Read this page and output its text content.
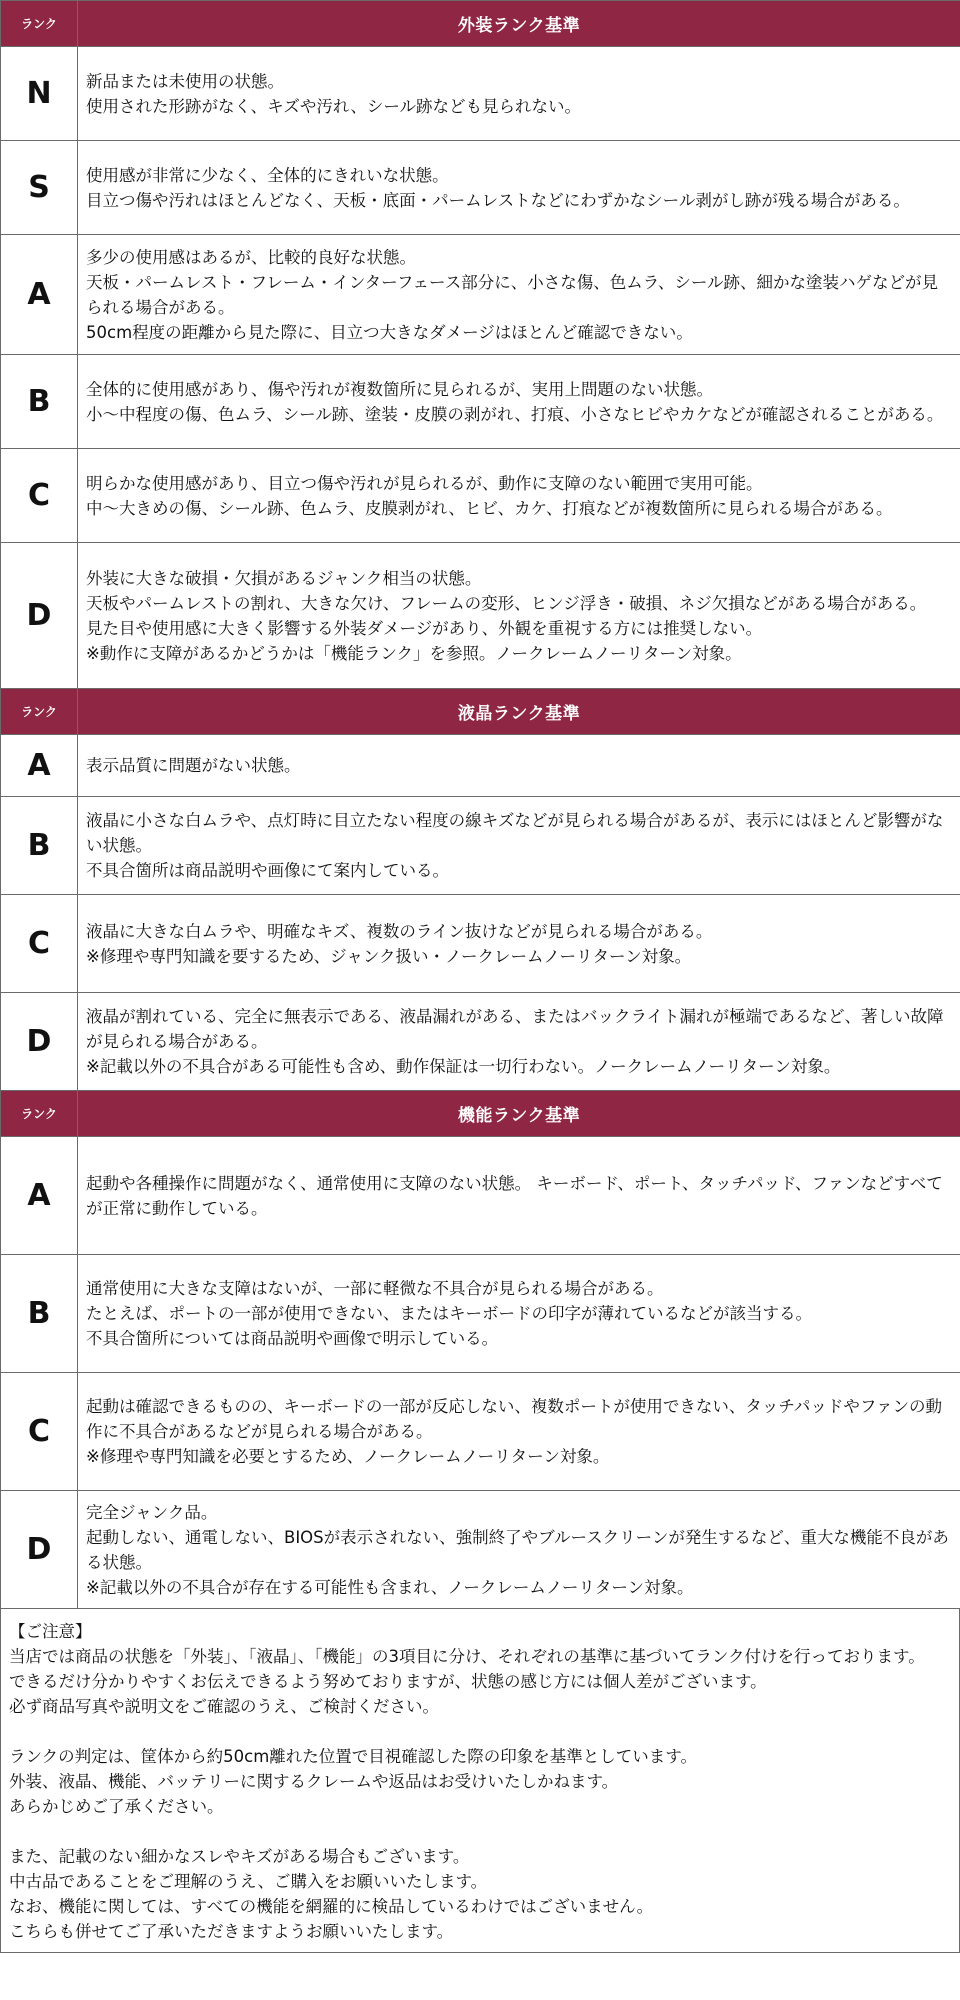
ランク	外装ランク基準
N	新品または未使用の状態。
使用された形跡がなく、キズや汚れ、シール跡なども見られない。

S	使用感が非常に少なく、全体的にきれいな状態。
目立つ傷や汚れはほとんどなく、天板・底面・パームレストなどにわずかなシール剥がし跡が残る場合がある。

A	多少の使用感はあるが、比較的良好な状態。
天板・パームレスト・フレーム・インターフェース部分に、小さな傷、色ムラ、シール跡、細かな塗装ハゲなどが見られる場合がある。
50cm程度の距離から見た際に、目立つ大きなダメージはほとんど確認できない。

B	全体的に使用感があり、傷や汚れが複数箇所に見られるが、実用上問題のない状態。
小〜中程度の傷、色ムラ、シール跡、塗装・皮膜の剥がれ、打痕、小さなヒビやカケなどが確認されることがある。

C	明らかな使用感があり、目立つ傷や汚れが見られるが、動作に支障のない範囲で実用可能。
中〜大きめの傷、シール跡、色ムラ、皮膜剥がれ、ヒビ、カケ、打痕などが複数箇所に見られる場合がある。

D	外装に大きな破損・欠損があるジャンク相当の状態。
天板やパームレストの割れ、大きな欠け、フレームの変形、ヒンジ浮き・破損、ネジ欠損などがある場合がある。
見た目や使用感に大きく影響する外装ダメージがあり、外観を重視する方には推奨しない。
※動作に支障があるかどうかは「機能ランク」を参照。ノークレームノーリターン対象。

ランク	液晶ランク基準
A	表示品質に問題がない状態。

B	液晶に小さな白ムラや、点灯時に目立たない程度の線キズなどが見られる場合があるが、表示にはほとんど影響がない状態。
不具合箇所は商品説明や画像にて案内している。

C	液晶に大きな白ムラや、明確なキズ、複数のライン抜けなどが見られる場合がある。
※修理や専門知識を要するため、ジャンク扱い・ノークレームノーリターン対象。

D	液晶が割れている、完全に無表示である、液晶漏れがある、またはバックライト漏れが極端であるなど、著しい故障が見られる場合がある。
※記載以外の不具合がある可能性も含め、動作保証は一切行わない。ノークレームノーリターン対象。

ランク	機能ランク基準
A	起動や各種操作に問題がなく、通常使用に支障のない状態。 キーボード、ポート、タッチパッド、ファンなどすべてが正常に動作している。

B	通常使用に大きな支障はないが、一部に軽微な不具合が見られる場合がある。
たとえば、ポートの一部が使用できない、またはキーボードの印字が薄れているなどが該当する。
不具合箇所については商品説明や画像で明示している。

C	起動は確認できるものの、キーボードの一部が反応しない、複数ポートが使用できない、タッチパッドやファンの動作に不具合があるなどが見られる場合がある。
※修理や専門知識を必要とするため、ノークレームノーリターン対象。

D	完全ジャンク品。
起動しない、通電しない、BIOSが表示されない、強制終了やブルースクリーンが発生するなど、重大な機能不良がある状態。
※記載以外の不具合が存在する可能性も含まれ、ノークレームノーリターン対象。
【ご注意】
当店では商品の状態を「外装」、「液晶」、「機能」の3項目に分け、それぞれの基準に基づいてランク付けを行っております。
できるだけ分かりやすくお伝えできるよう努めておりますが、状態の感じ方には個人差がございます。
必ず商品写真や説明文をご確認のうえ、ご検討ください。
ランクの判定は、筐体から約50cm離れた位置で目視確認した際の印象を基準としています。
外装、液晶、機能、バッテリーに関するクレームや返品はお受けいたしかねます。
あらかじめご了承ください。
また、記載のない細かなスレやキズがある場合もございます。
中古品であることをご理解のうえ、ご購入をお願いいたします。
なお、機能に関しては、すべての機能を網羅的に検品しているわけではございません。
こちらも併せてご了承いただきますようお願いいたします。
